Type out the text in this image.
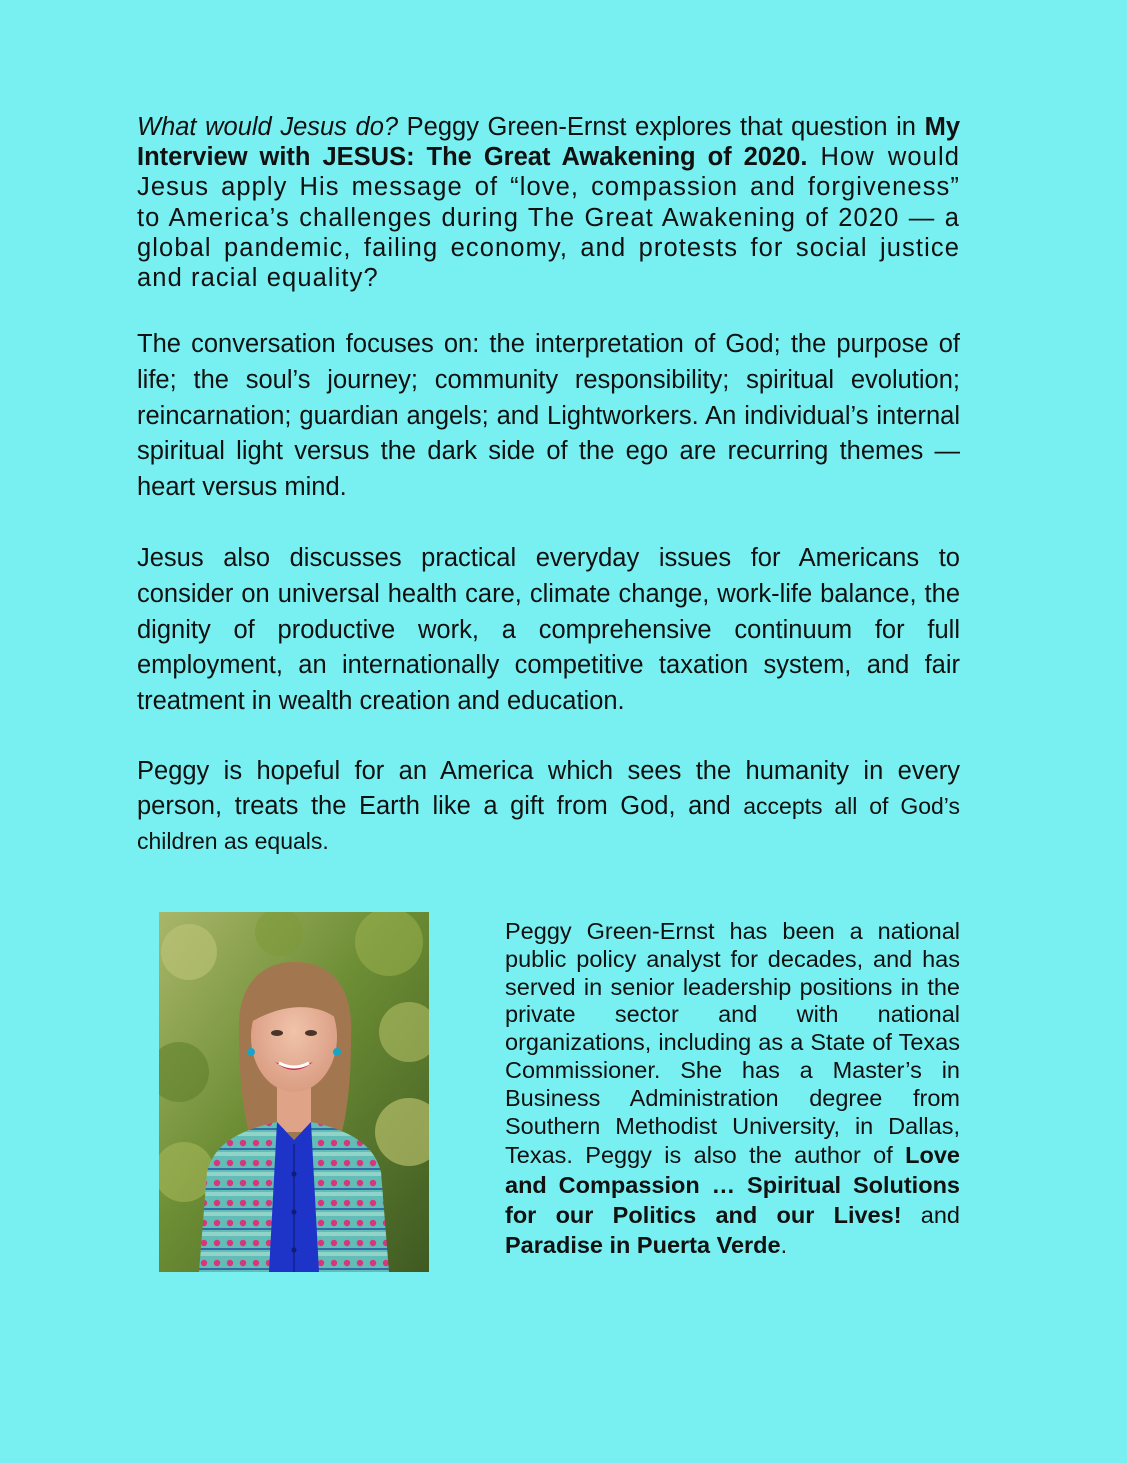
What would Jesus do? Peggy Green-Ernst explores that question in My Interview with JESUS: The Great Awakening of 2020. How would Jesus apply His message of “love, compassion and forgiveness” to America’s challenges during The Great Awakening of 2020 — a global pandemic, failing economy, and protests for social justice and racial equality?

The conversation focuses on: the interpretation of God; the purpose of life; the soul’s journey; community responsibility; spiritual evolution; reincarnation; guardian angels; and Lightworkers. An individual’s internal spiritual light versus the dark side of the ego are recurring themes — heart versus mind.

Jesus also discusses practical everyday issues for Americans to consider on universal health care, climate change, work-life balance, the dignity of productive work, a comprehensive continuum for full employment, an internationally competitive taxation system, and fair treatment in wealth creation and education.

Peggy is hopeful for an America which sees the humanity in every person, treats the Earth like a gift from God, and accepts all of God’s children as equals.

Peggy Green-Ernst has been a national public policy analyst for decades, and has served in senior leadership positions in the private sector and with national organizations, including as a State of Texas Commissioner. She has a Master’s in Business Administration degree from Southern Methodist University, in Dallas, Texas. Peggy is also the author of Love and Compassion … Spiritual Solutions for our Politics and our Lives! and Paradise in Puerta Verde.
